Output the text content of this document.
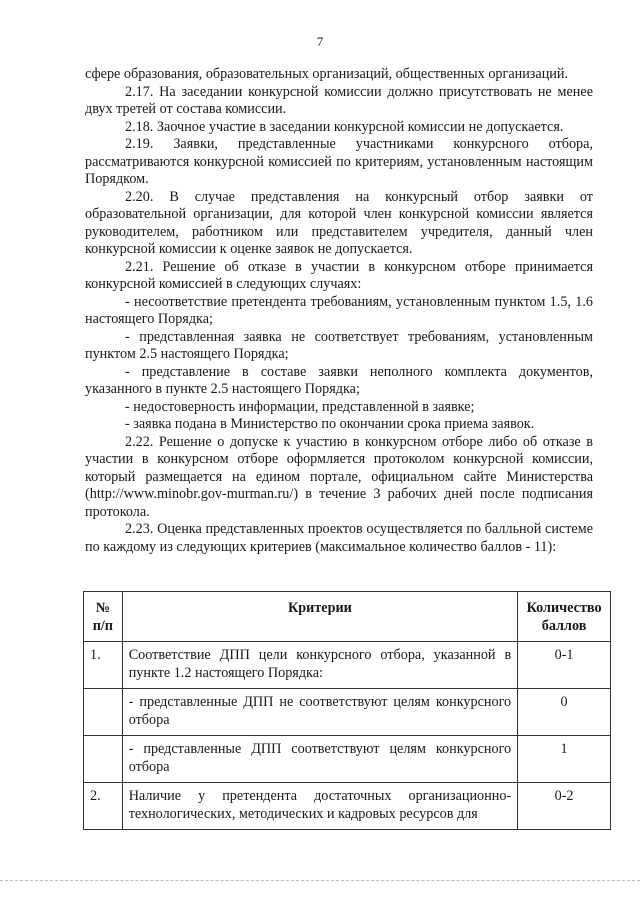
7

сфере образования, образовательных организаций, общественных организаций.

2.17. На заседании конкурсной комиссии должно присутствовать не менее двух третей от состава комиссии.

2.18. Заочное участие в заседании конкурсной комиссии не допускается.

2.19. Заявки, представленные участниками конкурсного отбора, рассматриваются конкурсной комиссией по критериям, установленным настоящим Порядком.

2.20. В случае представления на конкурсный отбор заявки от образовательной организации, для которой член конкурсной комиссии является руководителем, работником или представителем учредителя, данный член конкурсной комиссии к оценке заявок не допускается.

2.21. Решение об отказе в участии в конкурсном отборе принимается конкурсной комиссией в следующих случаях:

- несоответствие претендента требованиям, установленным пунктом 1.5, 1.6 настоящего Порядка;

- представленная заявка не соответствует требованиям, установленным пунктом 2.5 настоящего Порядка;

- представление в составе заявки неполного комплекта документов, указанного в пункте 2.5 настоящего Порядка;

- недостоверность информации, представленной в заявке;

- заявка подана в Министерство по окончании срока приема заявок.

2.22. Решение о допуске к участию в конкурсном отборе либо об отказе в участии в конкурсном отборе оформляется протоколом конкурсной комиссии, который размещается на едином портале, официальном сайте Министерства (http://www.minobr.gov-murman.ru/) в течение 3 рабочих дней после подписания протокола.

2.23. Оценка представленных проектов осуществляется по балльной системе по каждому из следующих критериев (максимальное количество баллов - 11):

№ п/п	Критерии	Количество баллов
1.	Соответствие ДПП цели конкурсного отбора, указанной в пункте 1.2 настоящего Порядка:	0-1
	- представленные ДПП не соответствуют целям конкурсного отбора	0
	- представленные ДПП соответствуют целям конкурсного отбора	1
2.	Наличие у претендента достаточных организационно-технологических, методических и кадровых ресурсов для	0-2
